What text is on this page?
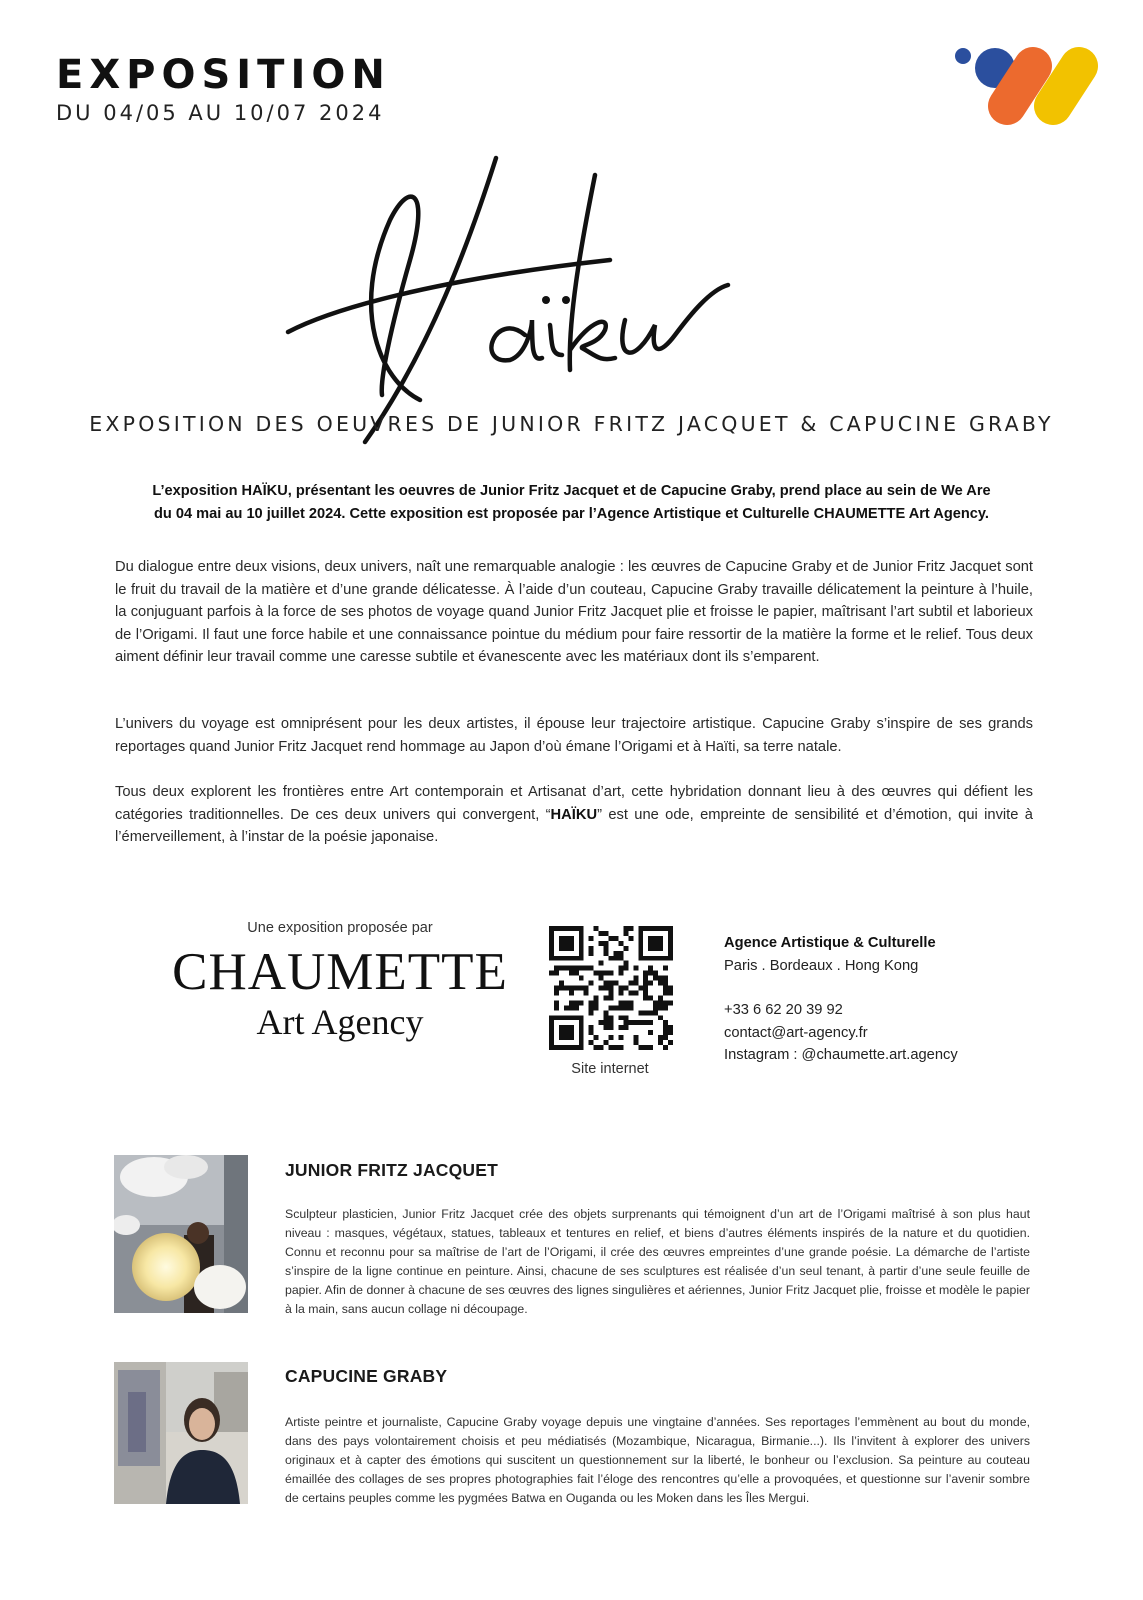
EXPOSITION
DU 04/05 AU 10/07 2024
EXPOSITION DES OEUVRES DE JUNIOR FRITZ JACQUET & CAPUCINE GRABY
L’exposition HAÏKU, présentant les oeuvres de Junior Fritz Jacquet et de Capucine Graby, prend place au sein de We Are
du 04 mai au 10 juillet 2024. Cette exposition est proposée par l’Agence Artistique et Culturelle CHAUMETTE Art Agency.

Du dialogue entre deux visions, deux univers, naît une remarquable analogie : les œuvres de Capucine Graby et de Junior Fritz Jacquet sont le fruit du travail de la matière et d’une grande délicatesse. À l’aide d’un couteau, Capucine Graby travaille délicatement la peinture à l’huile, la conjuguant parfois à la force de ses photos de voyage quand Junior Fritz Jacquet plie et froisse le papier, maîtrisant l’art subtil et laborieux de l’Origami. Il faut une force habile et une connaissance pointue du médium pour faire ressortir de la matière la forme et le relief. Tous deux aiment définir leur travail comme une caresse subtile et évanescente avec les matériaux dont ils s’emparent.

L’univers du voyage est omniprésent pour les deux artistes, il épouse leur trajectoire artistique. Capucine Graby s’inspire de ses grands reportages quand Junior Fritz Jacquet rend hommage au Japon d’où émane l’Origami et à Haïti, sa terre natale.

Tous deux explorent les frontières entre Art contemporain et Artisanat d’art, cette hybridation donnant lieu à des œuvres qui défient les catégories traditionnelles. De ces deux univers qui convergent, “HAÏKU” est une ode, empreinte de sensibilité et d’émotion, qui invite à l’émerveillement, à l’instar de la poésie japonaise.

Une exposition proposée par
CHAUMETTE
Art Agency
Site internet
Agence Artistique & Culturelle
Paris . Bordeaux . Hong Kong
+33 6 62 20 39 92
contact@art-agency.fr
Instagram : @chaumette.art.agency
JUNIOR FRITZ JACQUET

Sculpteur plasticien, Junior Fritz Jacquet crée des objets surprenants qui témoignent d’un art de l’Origami maîtrisé à son plus haut niveau : masques, végétaux, statues, tableaux et tentures en relief, et biens d’autres éléments inspirés de la nature et du quotidien. Connu et reconnu pour sa maîtrise de l’art de l’Origami, il crée des œuvres empreintes d’une grande poésie. La démarche de l’artiste s’inspire de la ligne continue en peinture. Ainsi, chacune de ses sculptures est réalisée d’un seul tenant, à partir d’une seule feuille de papier. Afin de donner à chacune de ses œuvres des lignes singulières et aériennes, Junior Fritz Jacquet plie, froisse et modèle le papier à la main, sans aucun collage ni découpage.

CAPUCINE GRABY

Artiste peintre et journaliste, Capucine Graby voyage depuis une vingtaine d’années. Ses reportages l’emmènent au bout du monde, dans des pays volontairement choisis et peu médiatisés (Mozambique, Nicaragua, Birmanie...). Ils l’invitent à explorer des univers originaux et à capter des émotions qui suscitent un questionnement sur la liberté, le bonheur ou l’exclusion. Sa peinture au couteau émaillée des collages de ses propres photographies fait l’éloge des rencontres qu’elle a provoquées, et questionne sur l’avenir sombre de certains peuples comme les pygmées Batwa en Ouganda ou les Moken dans les Îles Mergui.
